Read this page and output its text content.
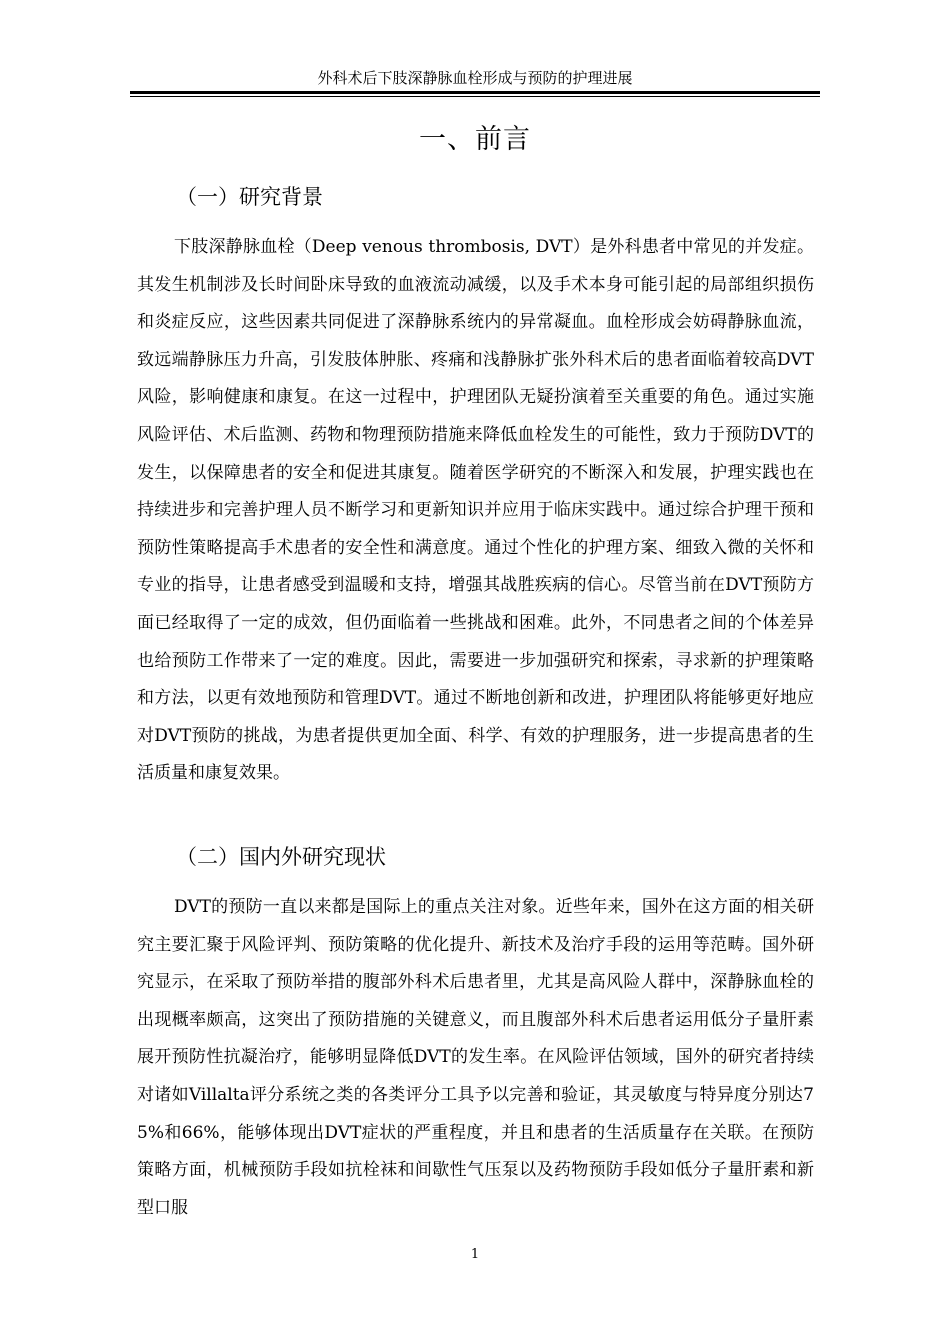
外科术后下肢深静脉血栓形成与预防的护理进展
一、前言
（一）研究背景

下肢深静脉血栓（Deep venous thrombosis, DVT）是外科患者中常见的并发症。其发生机制涉及长时间卧床导致的血液流动减缓，以及手术本身可能引起的局部组织损伤和炎症反应，这些因素共同促进了深静脉系统内的异常凝血。血栓形成会妨碍静脉血流，致远端静脉压力升高，引发肢体肿胀、疼痛和浅静脉扩张外科术后的患者面临着较高DVT风险，影响健康和康复。在这一过程中，护理团队无疑扮演着至关重要的角色。通过实施风险评估、术后监测、药物和物理预防措施来降低血栓发生的可能性，致力于预防DVT的发生，以保障患者的安全和促进其康复。随着医学研究的不断深入和发展，护理实践也在持续进步和完善护理人员不断学习和更新知识并应用于临床实践中。通过综合护理干预和预防性策略提高手术患者的安全性和满意度。通过个性化的护理方案、细致入微的关怀和专业的指导，让患者感受到温暖和支持，增强其战胜疾病的信心。尽管当前在DVT预防方面已经取得了一定的成效，但仍面临着一些挑战和困难。此外，不同患者之间的个体差异也给预防工作带来了一定的难度。因此，需要进一步加强研究和探索，寻求新的护理策略和方法，以更有效地预防和管理DVT。通过不断地创新和改进，护理团队将能够更好地应对DVT预防的挑战，为患者提供更加全面、科学、有效的护理服务，进一步提高患者的生活质量和康复效果。

（二）国内外研究现状

DVT的预防一直以来都是国际上的重点关注对象。近些年来，国外在这方面的相关研究主要汇聚于风险评判、预防策略的优化提升、新技术及治疗手段的运用等范畴。国外研究显示，在采取了预防举措的腹部外科术后患者里，尤其是高风险人群中，深静脉血栓的出现概率颇高，这突出了预防措施的关键意义，而且腹部外科术后患者运用低分子量肝素展开预防性抗凝治疗，能够明显降低DVT的发生率。在风险评估领域，国外的研究者持续对诸如Villalta评分系统之类的各类评分工具予以完善和验证，其灵敏度与特异度分别达75%和66%，能够体现出DVT症状的严重程度，并且和患者的生活质量存在关联。在预防策略方面，机械预防手段如抗栓袜和间歇性气压泵以及药物预防手段如低分子量肝素和新型口服

1
